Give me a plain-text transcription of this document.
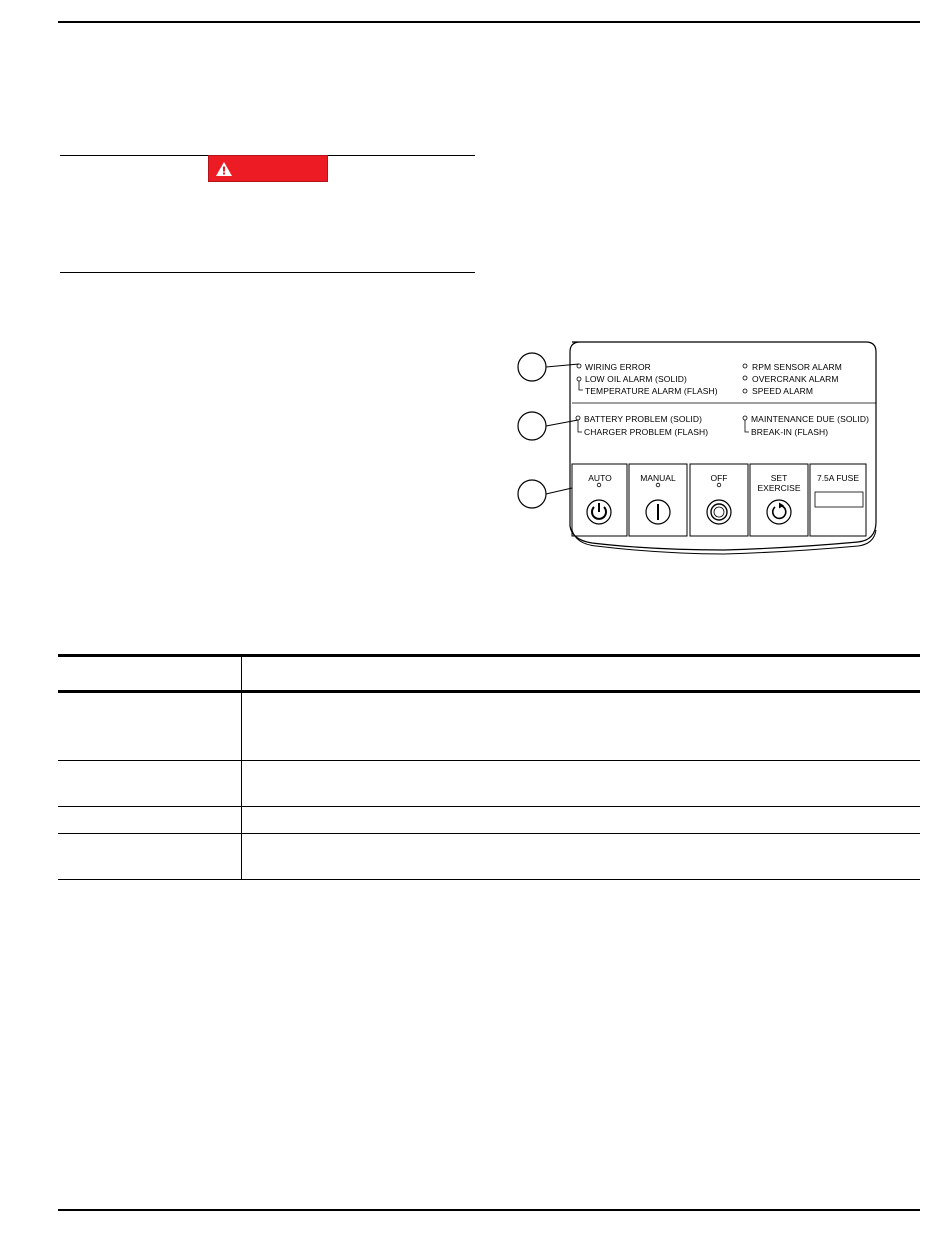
WIRING ERROR
LOW OIL ALARM (SOLID)
TEMPERATURE ALARM (FLASH)
RPM SENSOR ALARM
OVERCRANK ALARM
SPEED ALARM
BATTERY PROBLEM (SOLID)
CHARGER PROBLEM (FLASH)
MAINTENANCE DUE (SOLID)
BREAK-IN (FLASH)
AUTO	MANUAL	OFF	SET
EXERCISE
7.5A FUSE
